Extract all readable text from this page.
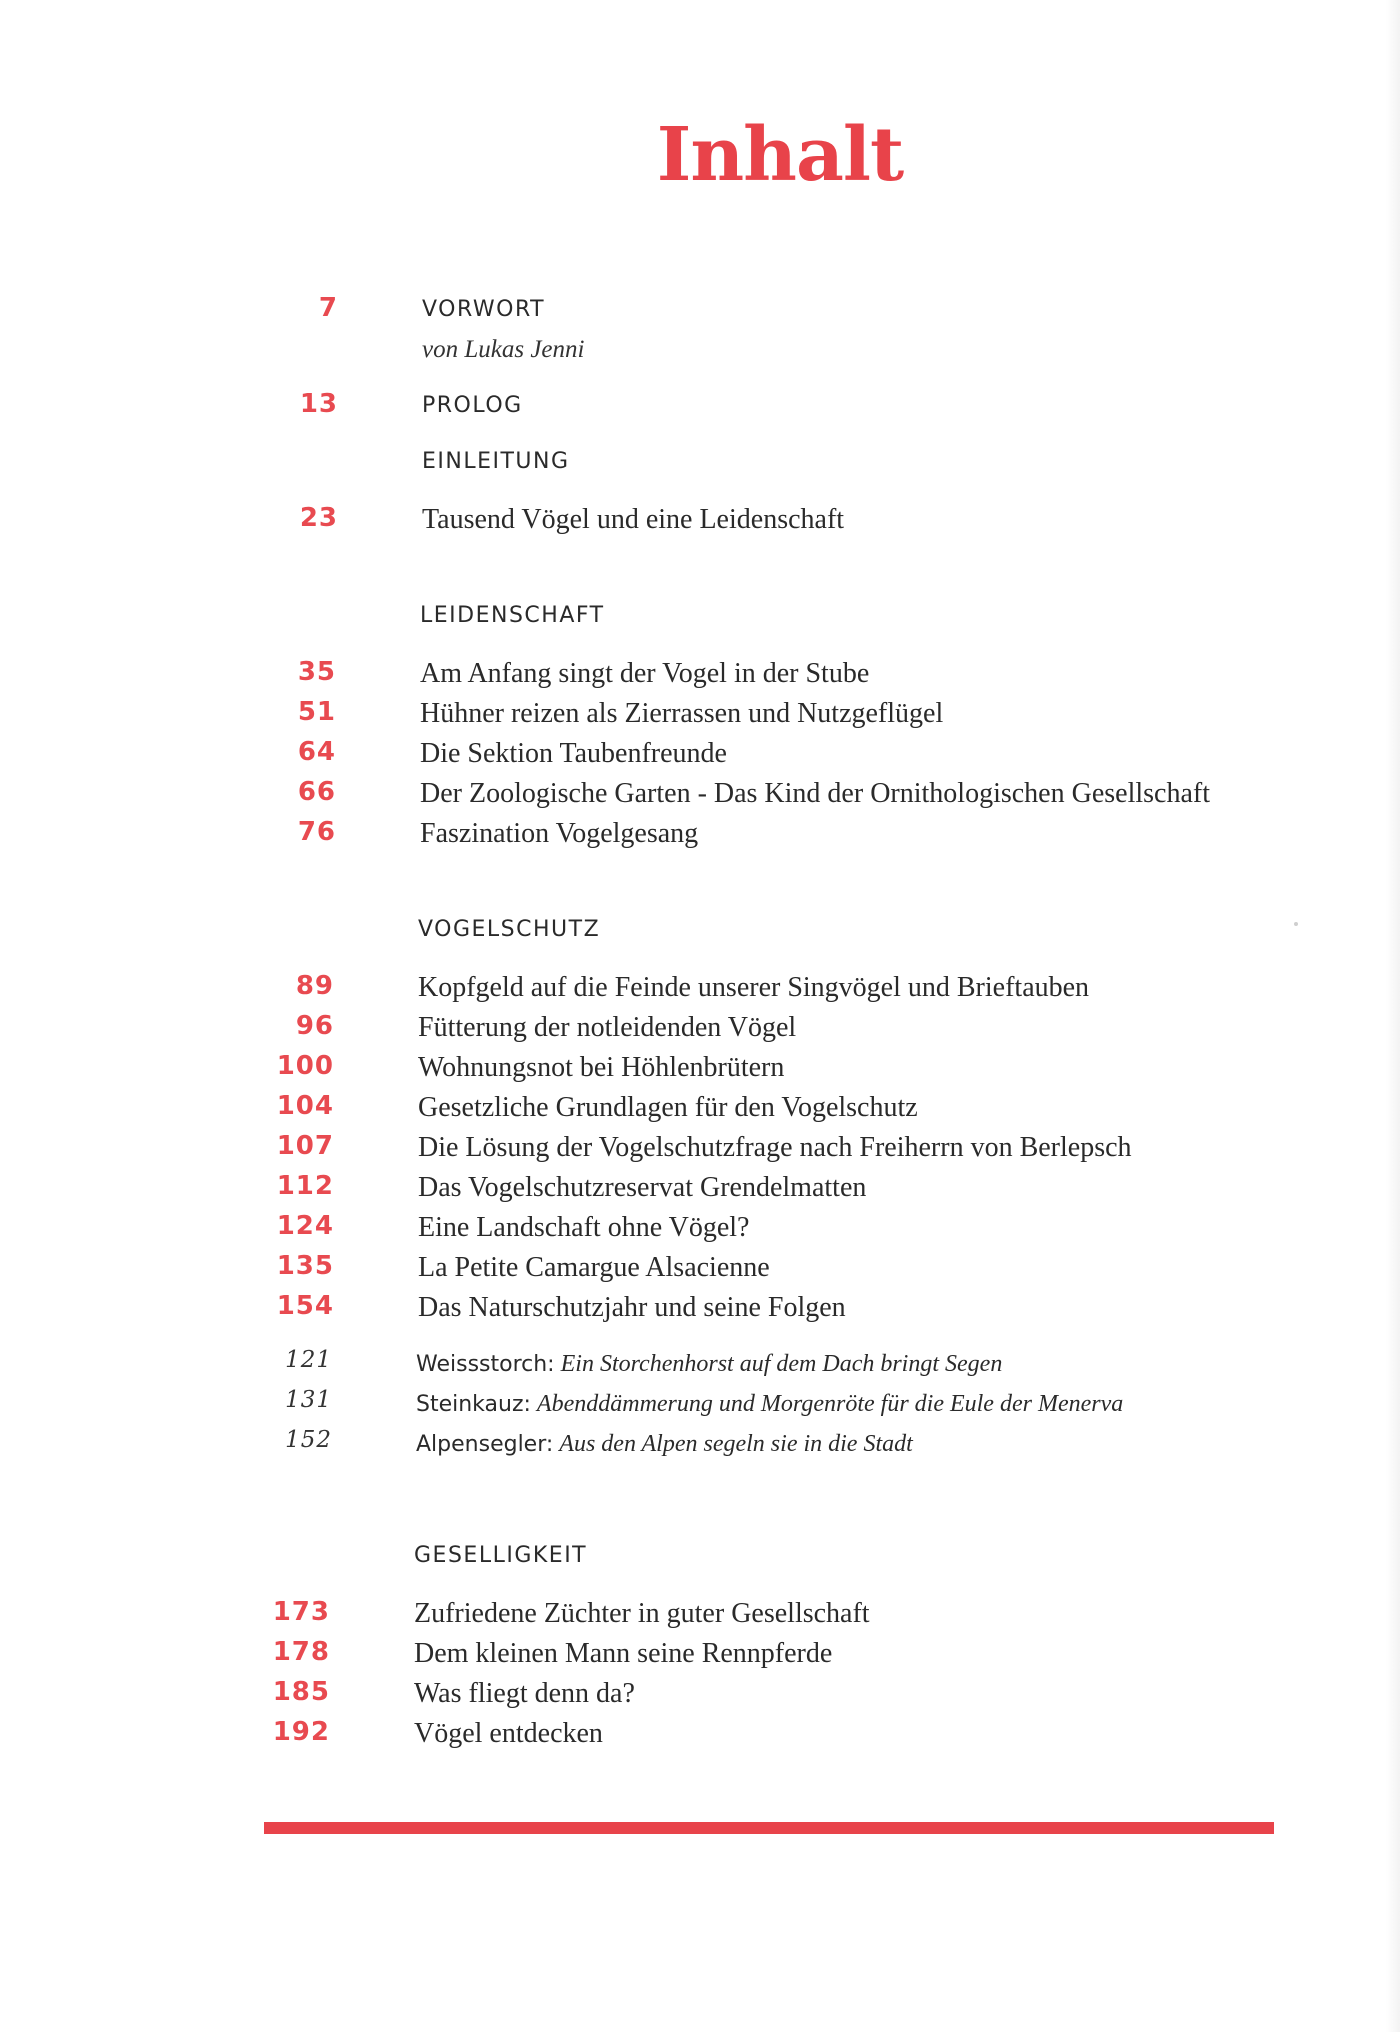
Inhalt
7	VORWORT
von Lukas Jenni
13	PROLOG
EINLEITUNG
23	Tausend Vögel und eine Leidenschaft
LEIDENSCHAFT
35	Am Anfang singt der Vogel in der Stube
51	Hühner reizen als Zierrassen und Nutzgeflügel
64	Die Sektion Taubenfreunde
66	Der Zoologische Garten - Das Kind der Ornithologischen Gesellschaft
76	Faszination Vogelgesang
VOGELSCHUTZ
89	Kopfgeld auf die Feinde unserer Singvögel und Brieftauben
96	Fütterung der notleidenden Vögel
100	Wohnungsnot bei Höhlenbrütern
104	Gesetzliche Grundlagen für den Vogelschutz
107	Die Lösung der Vogelschutzfrage nach Freiherrn von Berlepsch
112	Das Vogelschutzreservat Grendelmatten
124	Eine Landschaft ohne Vögel?
135	La Petite Camargue Alsacienne
154	Das Naturschutzjahr und seine Folgen
121	Weissstorch: Ein Storchenhorst auf dem Dach bringt Segen
131	Steinkauz: Abenddämmerung und Morgenröte für die Eule der Menerva
152	Alpensegler: Aus den Alpen segeln sie in die Stadt
GESELLIGKEIT
173	Zufriedene Züchter in guter Gesellschaft
178	Dem kleinen Mann seine Rennpferde
185	Was fliegt denn da?
192	Vögel entdecken
